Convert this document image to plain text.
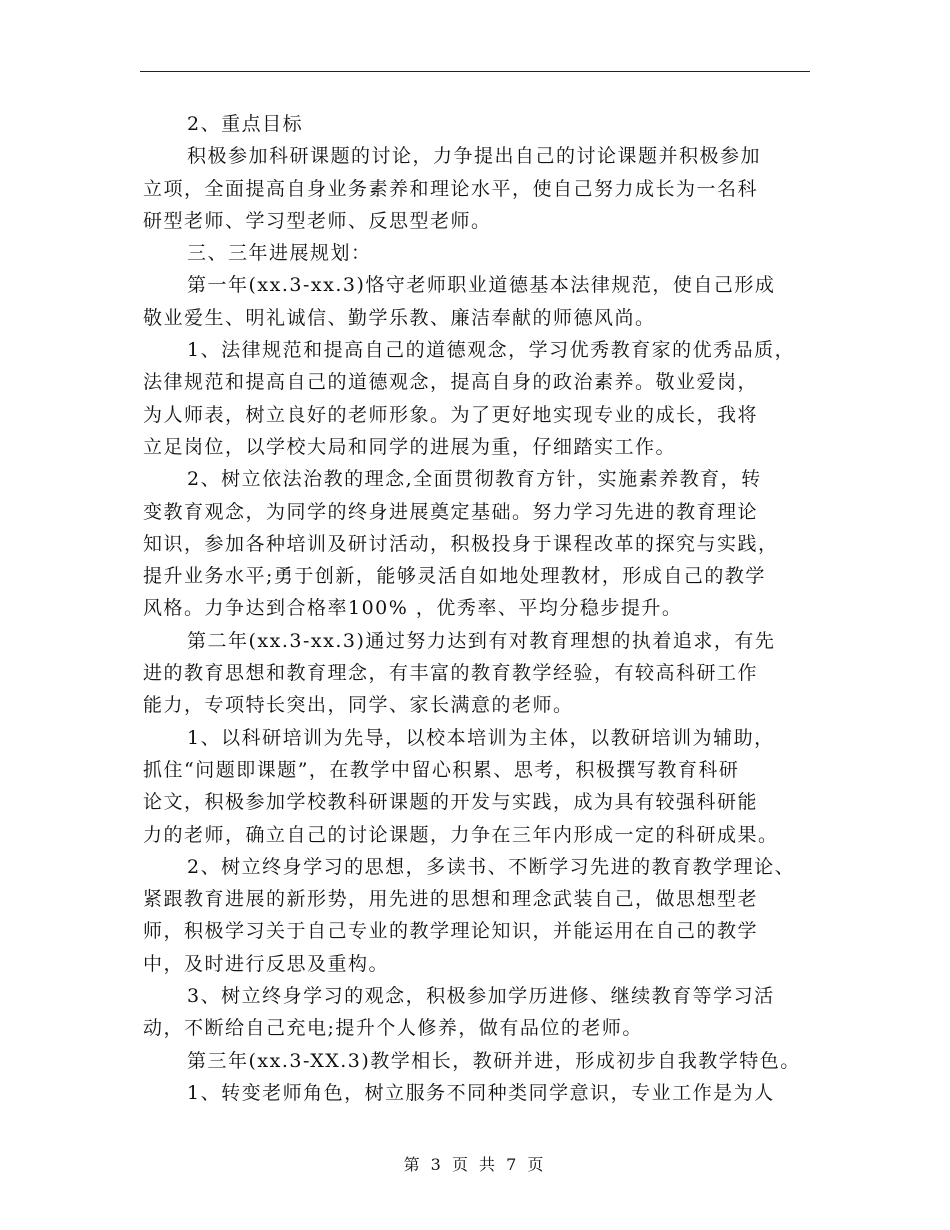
2、重点目标
积极参加科研课题的讨论，力争提出自己的讨论课题并积极参加
立项，全面提高自身业务素养和理论水平，使自己努力成长为一名科
研型老师、学习型老师、反思型老师。
三、三年进展规划：
第一年(xx.3-xx.3)恪守老师职业道德基本法律规范，使自己形成
敬业爱生、明礼诚信、勤学乐教、廉洁奉献的师德风尚。
1、法律规范和提高自己的道德观念，学习优秀教育家的优秀品质，
法律规范和提高自己的道德观念，提高自身的政治素养。敬业爱岗，
为人师表，树立良好的老师形象。为了更好地实现专业的成长，我将
立足岗位，以学校大局和同学的进展为重，仔细踏实工作。
2、树立依法治教的理念,全面贯彻教育方针，实施素养教育，转
变教育观念，为同学的终身进展奠定基础。努力学习先进的教育理论
知识，参加各种培训及研讨活动，积极投身于课程改革的探究与实践，
提升业务水平;勇于创新，能够灵活自如地处理教材，形成自己的教学
风格。力争达到合格率100% ，优秀率、平均分稳步提升。
第二年(xx.3-xx.3)通过努力达到有对教育理想的执着追求，有先
进的教育思想和教育理念，有丰富的教育教学经验，有较高科研工作
能力，专项特长突出，同学、家长满意的老师。
1、以科研培训为先导，以校本培训为主体，以教研培训为辅助，
抓住“问题即课题”，在教学中留心积累、思考，积极撰写教育科研
论文，积极参加学校教科研课题的开发与实践，成为具有较强科研能
力的老师，确立自己的讨论课题，力争在三年内形成一定的科研成果。
2、树立终身学习的思想，多读书、不断学习先进的教育教学理论、
紧跟教育进展的新形势，用先进的思想和理念武装自己，做思想型老
师，积极学习关于自己专业的教学理论知识，并能运用在自己的教学
中，及时进行反思及重构。
3、树立终身学习的观念，积极参加学历进修、继续教育等学习活
动，不断给自己充电;提升个人修养，做有品位的老师。
第三年(xx.3-XX.3)教学相长，教研并进，形成初步自我教学特色。
1、转变老师角色，树立服务不同种类同学意识，专业工作是为人
第 3 页 共 7 页
